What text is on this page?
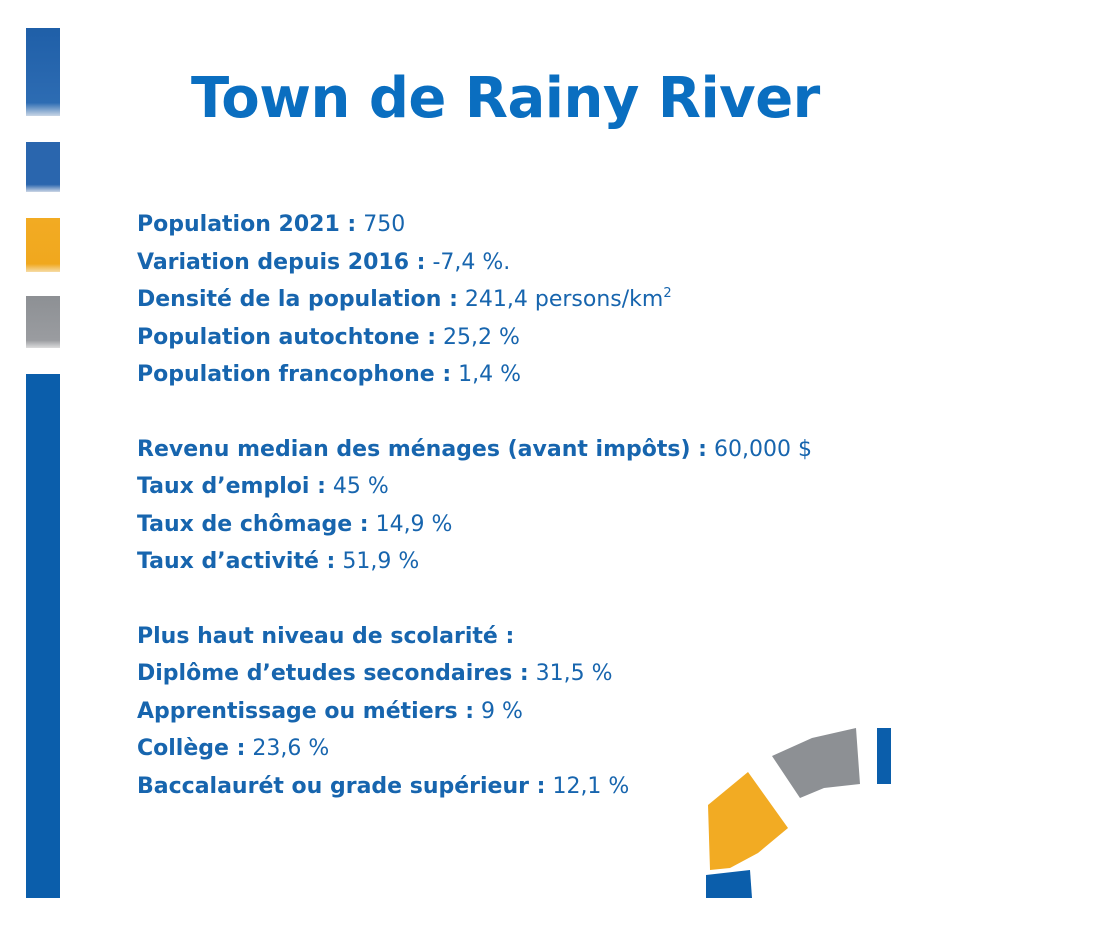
Town de Rainy River
Population 2021 : 750
Variation depuis 2016 : -7,4 %.
Densité de la population : 241,4 persons/$km^2$
Population autochtone : 25,2 %
Population francophone : 1,4 %
Revenu median des ménages (avant impôts) : 60,000 $
Taux d’emploi : 45 %
Taux de chômage : 14,9 %
Taux d’activité : 51,9 %
Plus haut niveau de scolarité :
Diplôme d’etudes secondaires : 31,5 %
Apprentissage ou métiers : 9 %
Collège : 23,6 %
Baccalaurét ou grade supérieur : 12,1 %
